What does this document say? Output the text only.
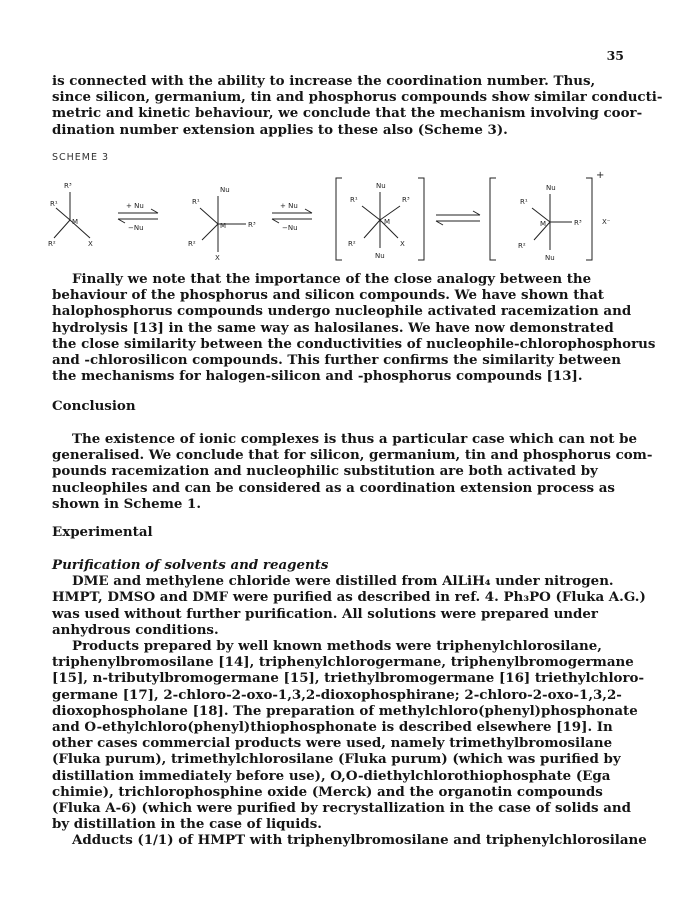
35

is connected with the ability to increase the coordination number. Thus,

since silicon, germanium, tin and phosphorus compounds show similar conducti-

metric and kinetic behaviour, we conclude that the mechanism involving coor-

dination number extension applies to these also (Scheme 3).

SCHEME 3
R¹
R³
M
R²	X
+ Nu
−Nu
Nu
R¹
M	R³
R²
X
+ Nu
−Nu
Nu
R¹	R³
M
R²	X
Nu
Nu
R¹
M	R³
R²
Nu
+
X⁻

Finally we note that the importance of the close analogy between the

behaviour of the phosphorus and silicon compounds. We have shown that

halophosphorus compounds undergo nucleophile activated racemization and

hydrolysis [13] in the same way as halosilanes. We have now demonstrated

the close similarity between the conductivities of nucleophile-chlorophosphorus

and -chlorosilicon compounds. This further confirms the similarity between

the mechanisms for halogen-silicon and -phosphorus compounds [13].

Conclusion

The existence of ionic complexes is thus a particular case which can not be

generalised. We conclude that for silicon, germanium, tin and phosphorus com-

pounds racemization and nucleophilic substitution are both activated by

nucleophiles and can be considered as a coordination extension process as

shown in Scheme 1.

Experimental

Purification of solvents and reagents

DME and methylene chloride were distilled from AlLiH₄ under nitrogen.

HMPT, DMSO and DMF were purified as described in ref. 4. Ph₃PO (Fluka A.G.)

was used without further purification. All solutions were prepared under

anhydrous conditions.

Products prepared by well known methods were triphenylchlorosilane,

triphenylbromosilane [14], triphenylchlorogermane, triphenylbromogermane

[15], n-tributylbromogermane [15], triethylbromogermane [16] triethylchloro-

germane [17], 2-chloro-2-oxo-1,3,2-dioxophosphirane; 2-chloro-2-oxo-1,3,2-

dioxophospholane [18]. The preparation of methylchloro(phenyl)phosphonate

and O-ethylchloro(phenyl)thiophosphonate is described elsewhere [19]. In

other cases commercial products were used, namely trimethylbromosilane

(Fluka purum), trimethylchlorosilane (Fluka purum) (which was purified by

distillation immediately before use), O,O-diethylchlorothiophosphate (Ega

chimie), trichlorophosphine oxide (Merck) and the organotin compounds

(Fluka A-6) (which were purified by recrystallization in the case of solids and

by distillation in the case of liquids.

Adducts (1/1) of HMPT with triphenylbromosilane and triphenylchlorosilane
